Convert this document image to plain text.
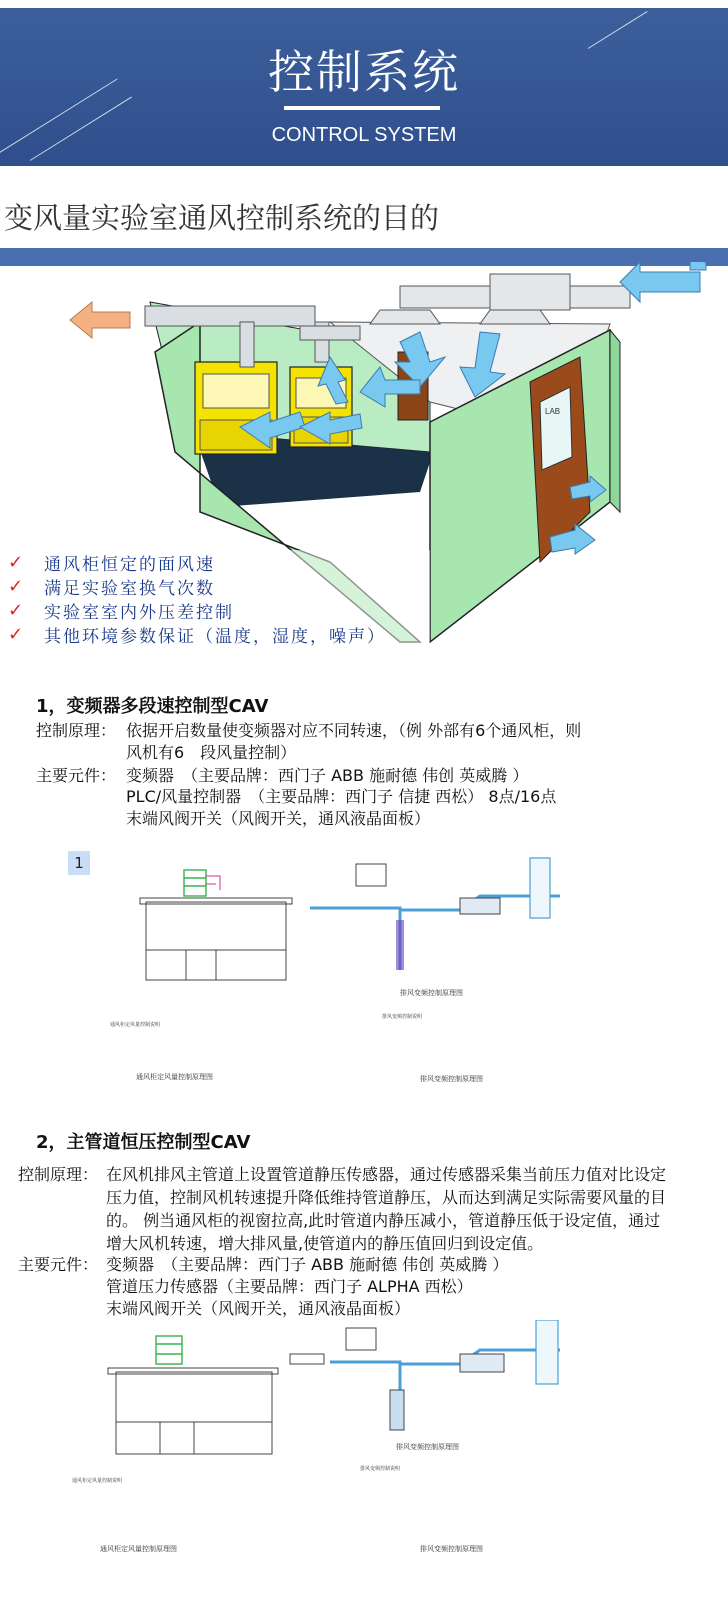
控制系统
CONTROL SYSTEM
变风量实验室通风控制系统的目的
LAB
✓	通风柜恒定的面风速
✓	满足实验室换气次数
✓	实验室室内外压差控制
✓	其他环境参数保证（温度，湿度，噪声）
1，变频器多段速控制型CAV
控制原理： 依据开启数量使变频器对应不同转速，（例 外部有6个通风柜，则
风机有6　段风量控制）
主要元件： 变频器　（主要品牌：西门子 ABB 施耐德 伟创 英威腾 ）
PLC/风量控制器　（主要品牌：西门子 信捷 西松） 8点/16点
末端风阀开关（风阀开关，通风液晶面板）
1
排风变频控制原理图
通风柜定风量控制说明
排风变频控制说明
通风柜定风量控制原理图	排风变频控制原理图
2，主管道恒压控制型CAV
控制原理： 在风机排风主管道上设置管道静压传感器，通过传感器采集当前压力值对比设定
压力值，控制风机转速提升降低维持管道静压，从而达到满足实际需要风量的目
的。 例当通风柜的视窗拉高,此时管道内静压减小，管道静压低于设定值，通过
增大风机转速，增大排风量,使管道内的静压值回归到设定值。
主要元件： 变频器　（主要品牌：西门子 ABB 施耐德 伟创 英威腾 ）
管道压力传感器（主要品牌：西门子 ALPHA 西松）
末端风阀开关（风阀开关，通风液晶面板）
排风变频控制原理图
通风柜定风量控制说明
排风变频控制说明
通风柜定风量控制原理图	排风变频控制原理图
